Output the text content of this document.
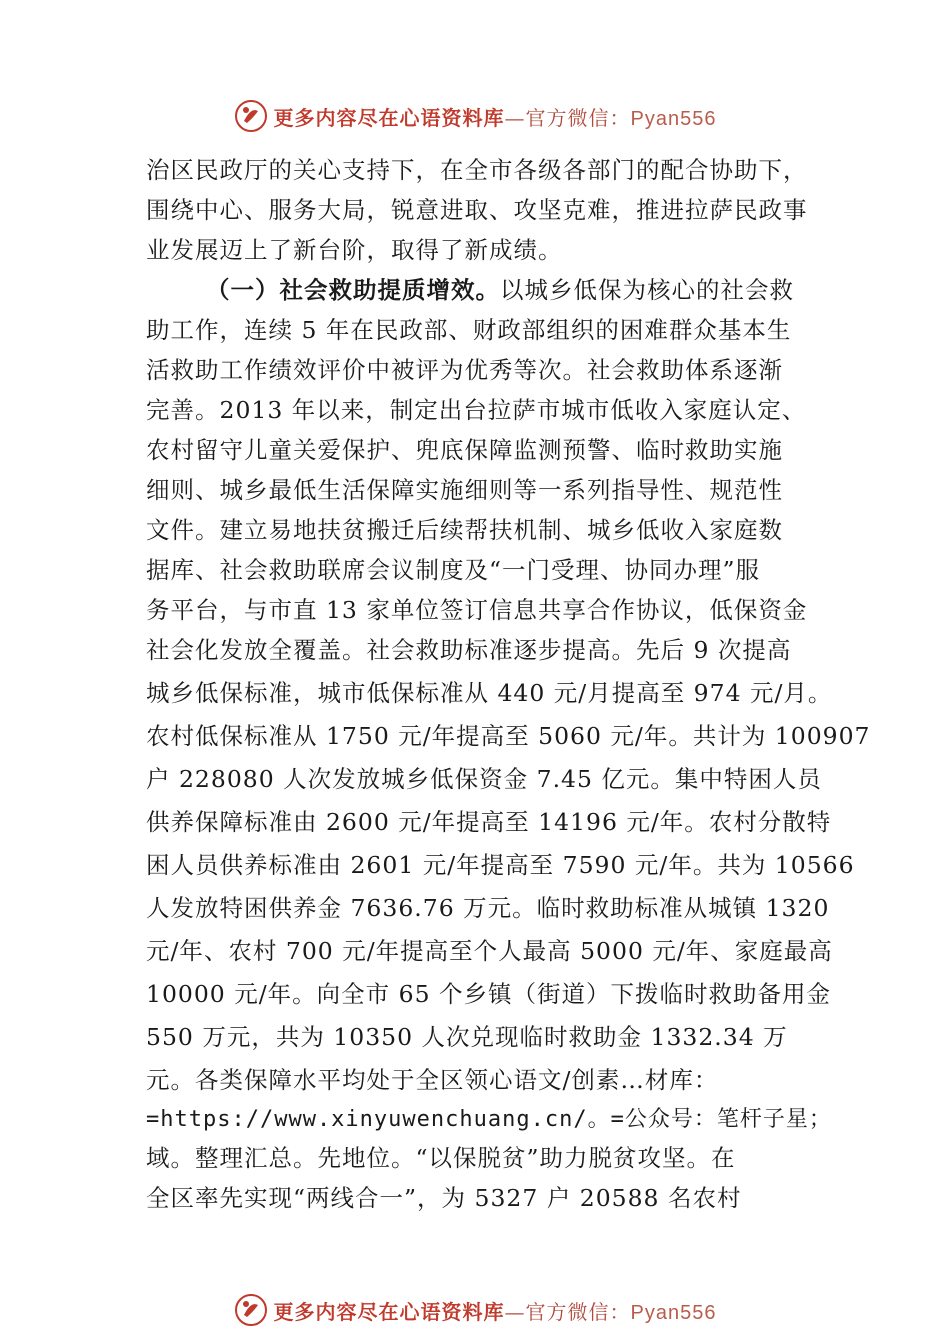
更多内容尽在心语资料库—官方微信：Pyan556
治区民政厅的关心支持下，在全市各级各部门的配合协助下，
围绕中心、服务大局，锐意进取、攻坚克难，推进拉萨民政事
业发展迈上了新台阶，取得了新成绩。
（一）社会救助提质增效。以城乡低保为核心的社会救
助工作，连续 5 年在民政部、财政部组织的困难群众基本生
活救助工作绩效评价中被评为优秀等次。社会救助体系逐渐
完善。2013 年以来，制定出台拉萨市城市低收入家庭认定、
农村留守儿童关爱保护、兜底保障监测预警、临时救助实施
细则、城乡最低生活保障实施细则等一系列指导性、规范性
文件。建立易地扶贫搬迁后续帮扶机制、城乡低收入家庭数
据库、社会救助联席会议制度及“一门受理、协同办理”服
务平台，与市直 13 家单位签订信息共享合作协议，低保资金
社会化发放全覆盖。社会救助标准逐步提高。先后 9 次提高
城乡低保标准，城市低保标准从 440 元/月提高至 974 元/月。
农村低保标准从 1750 元/年提高至 5060 元/年。共计为 100907
户 228080 人次发放城乡低保资金 7.45 亿元。集中特困人员
供养保障标准由 2600 元/年提高至 14196 元/年。农村分散特
困人员供养标准由 2601 元/年提高至 7590 元/年。共为 10566
人发放特困供养金 7636.76 万元。临时救助标准从城镇 1320
元/年、农村 700 元/年提高至个人最高 5000 元/年、家庭最高
10000 元/年。向全市 65 个乡镇（街道）下拨临时救助备用金
550 万元，共为 10350 人次兑现临时救助金 1332.34 万
元。各类保障水平均处于全区领心语文/创素…材库：
=https://www.xinyuwenchuang.cn/。=公众号：笔杆子星；
域。整理汇总。先地位。“以保脱贫”助力脱贫攻坚。在
全区率先实现“两线合一”，为 5327 户 20588 名农村
更多内容尽在心语资料库—官方微信：Pyan556
